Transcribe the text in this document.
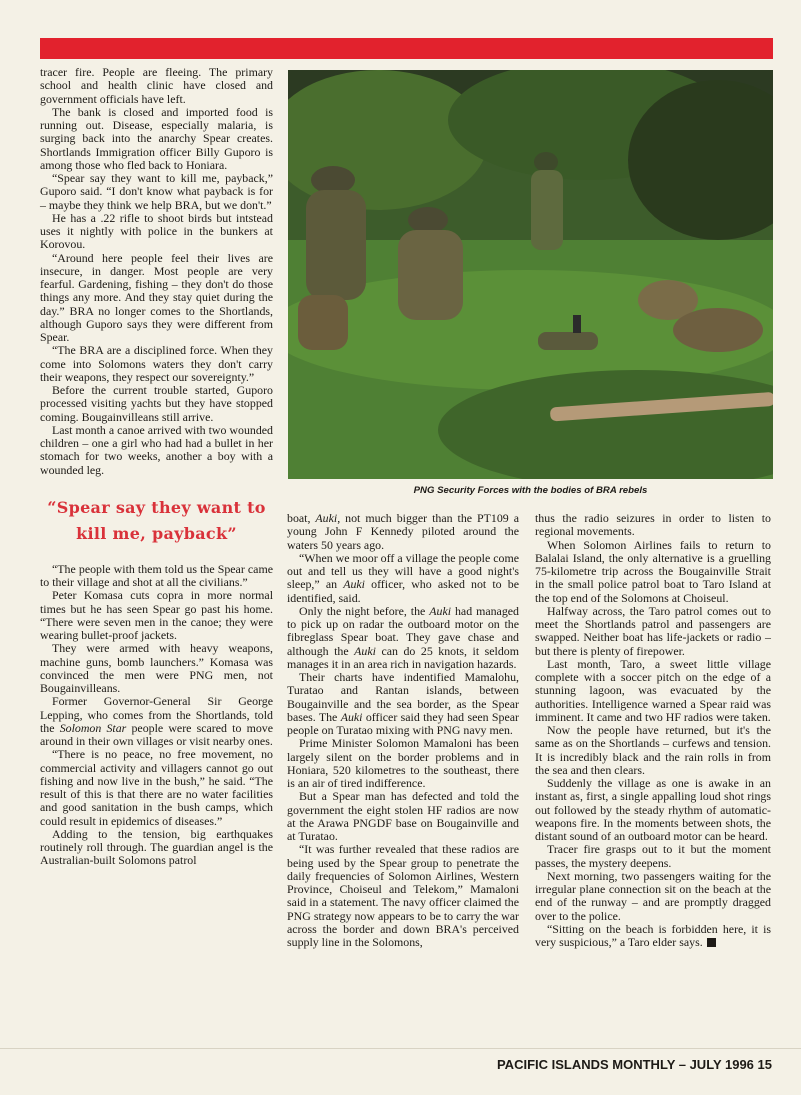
tracer fire. People are fleeing. The primary school and health clinic have closed and government officials have left.

The bank is closed and imported food is running out. Disease, especially malaria, is surging back into the anarchy Spear creates. Shortlands Immigration officer Billy Guporo is among those who fled back to Honiara.

“Spear say they want to kill me, payback,” Guporo said. “I don't know what payback is for – maybe they think we help BRA, but we don't.”

He has a .22 rifle to shoot birds but intstead uses it nightly with police in the bunkers at Korovou.

“Around here people feel their lives are insecure, in danger. Most people are very fearful. Gardening, fishing – they don't do those things any more. And they stay quiet during the day.” BRA no longer comes to the Shortlands, although Guporo says they were different from Spear.

“The BRA are a disciplined force. When they come into Solomons waters they don't carry their weapons, they respect our sovereignty.”

Before the current trouble started, Guporo processed visiting yachts but they have stopped coming. Bougainvilleans still arrive.

Last month a canoe arrived with two wounded children – one a girl who had had a bullet in her stomach for two weeks, another a boy with a wounded leg.

“Spear say they want to kill me, payback”

“The people with them told us the Spear came to their village and shot at all the civilians.”

Peter Komasa cuts copra in more normal times but he has seen Spear go past his home. “There were seven men in the canoe; they were wearing bullet-proof jackets.

They were armed with heavy weapons, machine guns, bomb launchers.” Komasa was convinced the men were PNG men, not Bougainvilleans.

Former Governor-General Sir George Lepping, who comes from the Shortlands, told the Solomon Star people were scared to move around in their own villages or visit nearby ones.

“There is no peace, no free movement, no commercial activity and villagers cannot go out fishing and now live in the bush,” he said. “The result of this is that there are no water facilities and good sanitation in the bush camps, which could result in epidemics of diseases.”

Adding to the tension, big earthquakes routinely roll through. The guardian angel is the Australian-built Solomons patrol

PNG Security Forces with the bodies of BRA rebels

boat, Auki, not much bigger than the PT109 a young John F Kennedy piloted around the waters 50 years ago.

“When we moor off a village the people come out and tell us they will have a good night's sleep,” an Auki officer, who asked not to be identified, said.

Only the night before, the Auki had managed to pick up on radar the outboard motor on the fibreglass Spear boat. They gave chase and although the Auki can do 25 knots, it seldom manages it in an area rich in navigation hazards.

Their charts have indentified Mamalohu, Turatao and Rantan islands, between Bougainville and the sea border, as the Spear bases. The Auki officer said they had seen Spear people on Turatao mixing with PNG navy men.

Prime Minister Solomon Mamaloni has been largely silent on the border problems and in Honiara, 520 kilometres to the southeast, there is an air of tired indifference.

But a Spear man has defected and told the government the eight stolen HF radios are now at the Arawa PNGDF base on Bougainville and at Turatao.

“It was further revealed that these radios are being used by the Spear group to penetrate the daily frequencies of Solomon Airlines, Western Province, Choiseul and Telekom,” Mamaloni said in a statement. The navy officer claimed the PNG strategy now appears to be to carry the war across the border and down BRA's perceived supply line in the Solomons,

thus the radio seizures in order to listen to regional movements.

When Solomon Airlines fails to return to Balalai Island, the only alternative is a gruelling 75-kilometre trip across the Bougainville Strait in the small police patrol boat to Taro Island at the top end of the Solomons at Choiseul.

Halfway across, the Taro patrol comes out to meet the Shortlands patrol and passengers are swapped. Neither boat has life-jackets or radio – but there is plenty of firepower.

Last month, Taro, a sweet little village complete with a soccer pitch on the edge of a stunning lagoon, was evacuated by the authorities. Intelligence warned a Spear raid was imminent. It came and two HF radios were taken.

Now the people have returned, but it's the same as on the Shortlands – curfews and tension. It is incredibly black and the rain rolls in from the sea and then clears.

Suddenly the village as one is awake in an instant as, first, a single appalling loud shot rings out followed by the steady rhythm of automatic-weapons fire. In the moments between shots, the distant sound of an outboard motor can be heard.

Tracer fire grasps out to it but the moment passes, the mystery deepens.

Next morning, two passengers waiting for the irregular plane connection sit on the beach at the end of the runway – and are promptly dragged over to the police.

“Sitting on the beach is forbidden here, it is very suspicious,” a Taro elder says.

PACIFIC ISLANDS MONTHLY – JULY 1996 15
